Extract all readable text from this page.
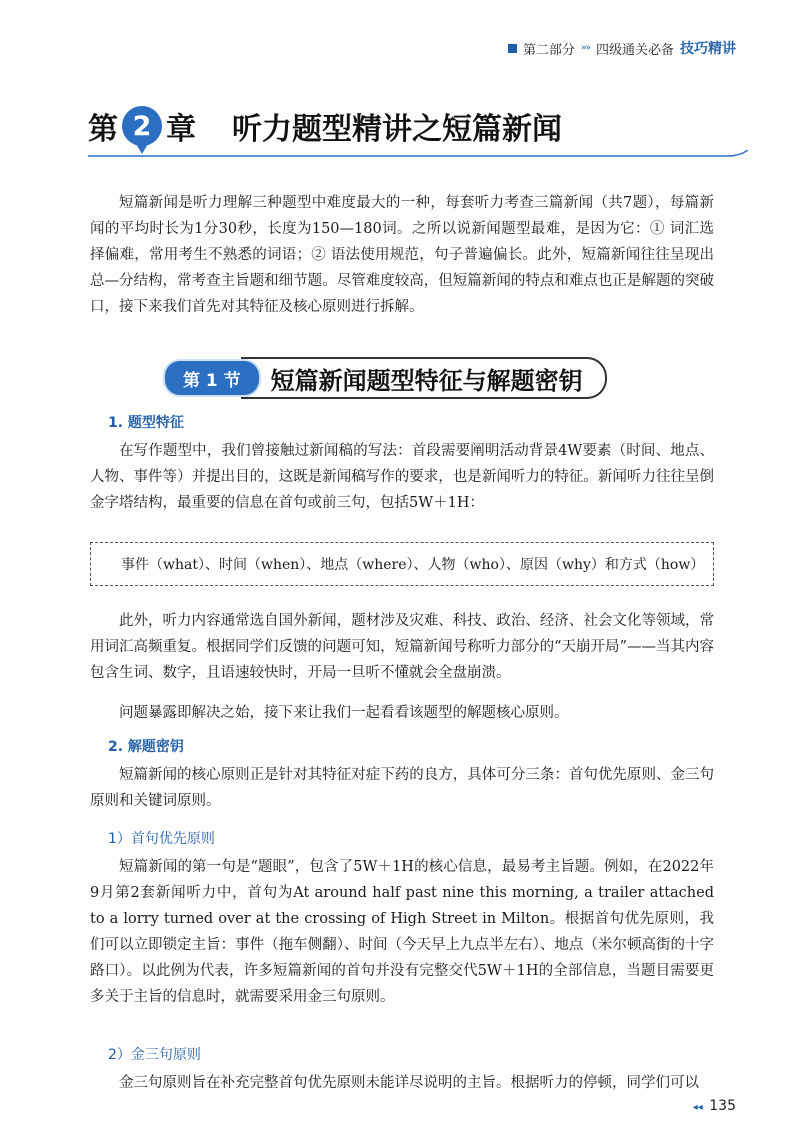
第二部分 »» 四级通关必备 技巧精讲
第 2 章 听力题型精讲之短篇新闻

短篇新闻是听力理解三种题型中难度最大的一种，每套听力考查三篇新闻（共7题），每篇新闻的平均时长为1分30秒，长度为150—180词。之所以说新闻题型最难，是因为它：① 词汇选择偏难，常用考生不熟悉的词语；② 语法使用规范，句子普遍偏长。此外，短篇新闻往往呈现出总—分结构，常考查主旨题和细节题。尽管难度较高，但短篇新闻的特点和难点也正是解题的突破口，接下来我们首先对其特征及核心原则进行拆解。

第 1 节	短篇新闻题型特征与解题密钥
1. 题型特征

在写作题型中，我们曾接触过新闻稿的写法：首段需要阐明活动背景4W要素（时间、地点、人物、事件等）并提出目的，这既是新闻稿写作的要求，也是新闻听力的特征。新闻听力往往呈倒金字塔结构，最重要的信息在首句或前三句，包括5W＋1H：

事件（what）、时间（when）、地点（where）、人物（who）、原因（why）和方式（how）

此外，听力内容通常选自国外新闻，题材涉及灾难、科技、政治、经济、社会文化等领域，常用词汇高频重复。根据同学们反馈的问题可知，短篇新闻号称听力部分的“天崩开局”——当其内容包含生词、数字，且语速较快时，开局一旦听不懂就会全盘崩溃。

问题暴露即解决之始，接下来让我们一起看看该题型的解题核心原则。

2. 解题密钥

短篇新闻的核心原则正是针对其特征对症下药的良方，具体可分三条：首句优先原则、金三句原则和关键词原则。

1）首句优先原则

短篇新闻的第一句是“题眼”，包含了5W＋1H的核心信息，最易考主旨题。例如，在2022年9月第2套新闻听力中，首句为At around half past nine this morning, a trailer attached to a lorry turned over at the crossing of High Street in Milton。根据首句优先原则，我们可以立即锁定主旨：事件（拖车侧翻）、时间（今天早上九点半左右）、地点（米尔顿高街的十字路口）。以此例为代表，许多短篇新闻的首句并没有完整交代5W＋1H的全部信息，当题目需要更多关于主旨的信息时，就需要采用金三句原则。

2）金三句原则

金三句原则旨在补充完整首句优先原则未能详尽说明的主旨。根据听力的停顿，同学们可以

◂◂ 135
